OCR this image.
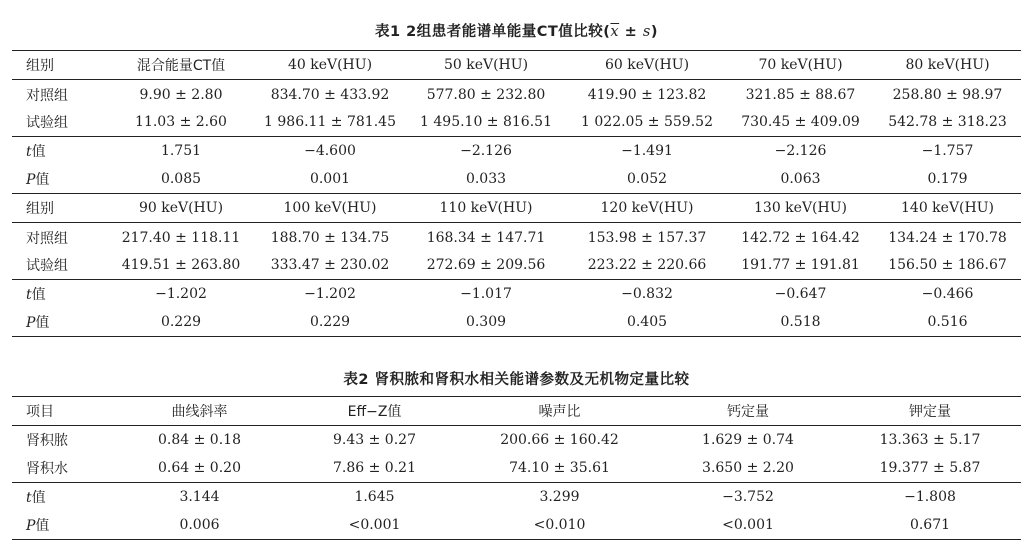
表1 2组患者能谱单能量CT值比较$(\overline{x} \pm s)$
组别	混合能量CT值	40 keV(HU)	50 keV(HU)	60 keV(HU)	70 keV(HU)	80 keV(HU)
对照组	9.90 ± 2.80	834.70 ± 433.92	577.80 ± 232.80	419.90 ± 123.82	321.85 ± 88.67	258.80 ± 98.97
试验组	11.03 ± 2.60	1 986.11 ± 781.45	1 495.10 ± 816.51	1 022.05 ± 559.52	730.45 ± 409.09	542.78 ± 318.23
t值	1.751	−4.600	−2.126	−1.491	−2.126	−1.757
P值	0.085	0.001	0.033	0.052	0.063	0.179
组别	90 keV(HU)	100 keV(HU)	110 keV(HU)	120 keV(HU)	130 keV(HU)	140 keV(HU)
对照组	217.40 ± 118.11	188.70 ± 134.75	168.34 ± 147.71	153.98 ± 157.37	142.72 ± 164.42	134.24 ± 170.78
试验组	419.51 ± 263.80	333.47 ± 230.02	272.69 ± 209.56	223.22 ± 220.66	191.77 ± 191.81	156.50 ± 186.67
t值	−1.202	−1.202	−1.017	−0.832	−0.647	−0.466
P值	0.229	0.229	0.309	0.405	0.518	0.516
表2 肾积脓和肾积水相关能谱参数及无机物定量比较
项目	曲线斜率	Eff−Z值	噪声比	钙定量	钾定量
肾积脓	0.84 ± 0.18	9.43 ± 0.27	200.66 ± 160.42	1.629 ± 0.74	13.363 ± 5.17
肾积水	0.64 ± 0.20	7.86 ± 0.21	74.10 ± 35.61	3.650 ± 2.20	19.377 ± 5.87
t值	3.144	1.645	3.299	−3.752	−1.808
P值	0.006	<0.001	<0.010	<0.001	0.671
